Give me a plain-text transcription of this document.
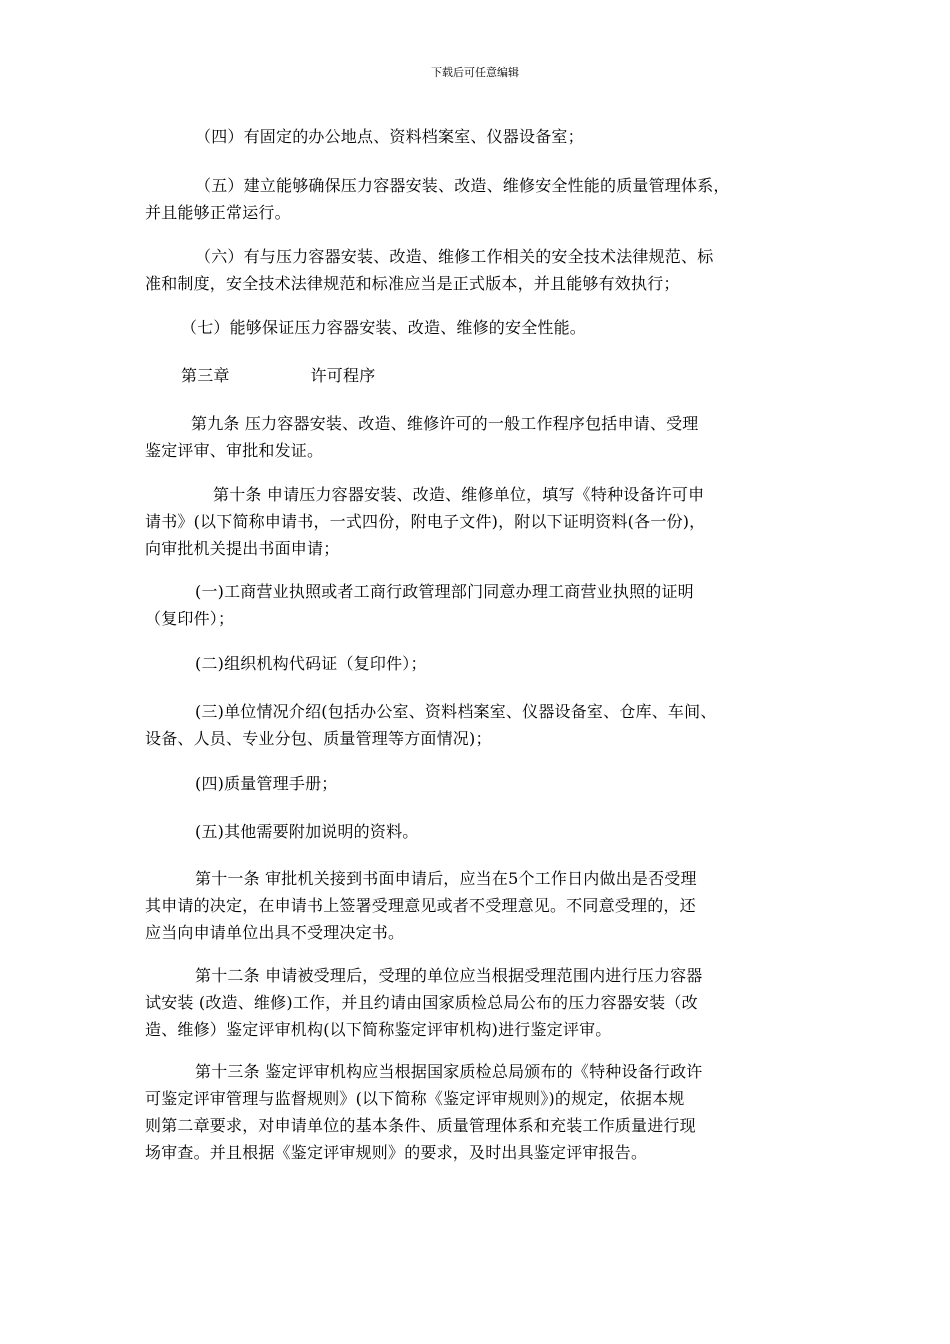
下载后可任意编辑
（四）有固定的办公地点、资料档案室、仪器设备室；
（五）建立能够确保压力容器安装、改造、维修安全性能的质量管理体系，
并且能够正常运行。
（六）有与压力容器安装、改造、维修工作相关的安全技术法律规范、标
准和制度，安全技术法律规范和标准应当是正式版本，并且能够有效执行；
（七）能够保证压力容器安装、改造、维修的安全性能。
第三章　　　　　许可程序
第九条 压力容器安装、改造、维修许可的一般工作程序包括申请、受理
鉴定评审、审批和发证。
第十条 申请压力容器安装、改造、维修单位，填写《特种设备许可申
请书》(以下简称申请书，一式四份，附电子文件)，附以下证明资料(各一份)，
向审批机关提出书面申请；
(一)工商营业执照或者工商行政管理部门同意办理工商营业执照的证明
（复印件）；
(二)组织机构代码证（复印件）；
(三)单位情况介绍(包括办公室、资料档案室、仪器设备室、仓库、车间、
设备、人员、专业分包、质量管理等方面情况)；
(四)质量管理手册；
(五)其他需要附加说明的资料。
第十一条 审批机关接到书面申请后，应当在5个工作日内做出是否受理
其申请的决定，在申请书上签署受理意见或者不受理意见。不同意受理的，还
应当向申请单位出具不受理决定书。
第十二条 申请被受理后，受理的单位应当根据受理范围内进行压力容器
试安装 (改造、维修)工作，并且约请由国家质检总局公布的压力容器安装（改
造、维修）鉴定评审机构(以下简称鉴定评审机构)进行鉴定评审。
第十三条 鉴定评审机构应当根据国家质检总局颁布的《特种设备行政许
可鉴定评审管理与监督规则》(以下简称《鉴定评审规则》)的规定，依据本规
则第二章要求，对申请单位的基本条件、质量管理体系和充装工作质量进行现
场审查。并且根据《鉴定评审规则》的要求，及时出具鉴定评审报告。
